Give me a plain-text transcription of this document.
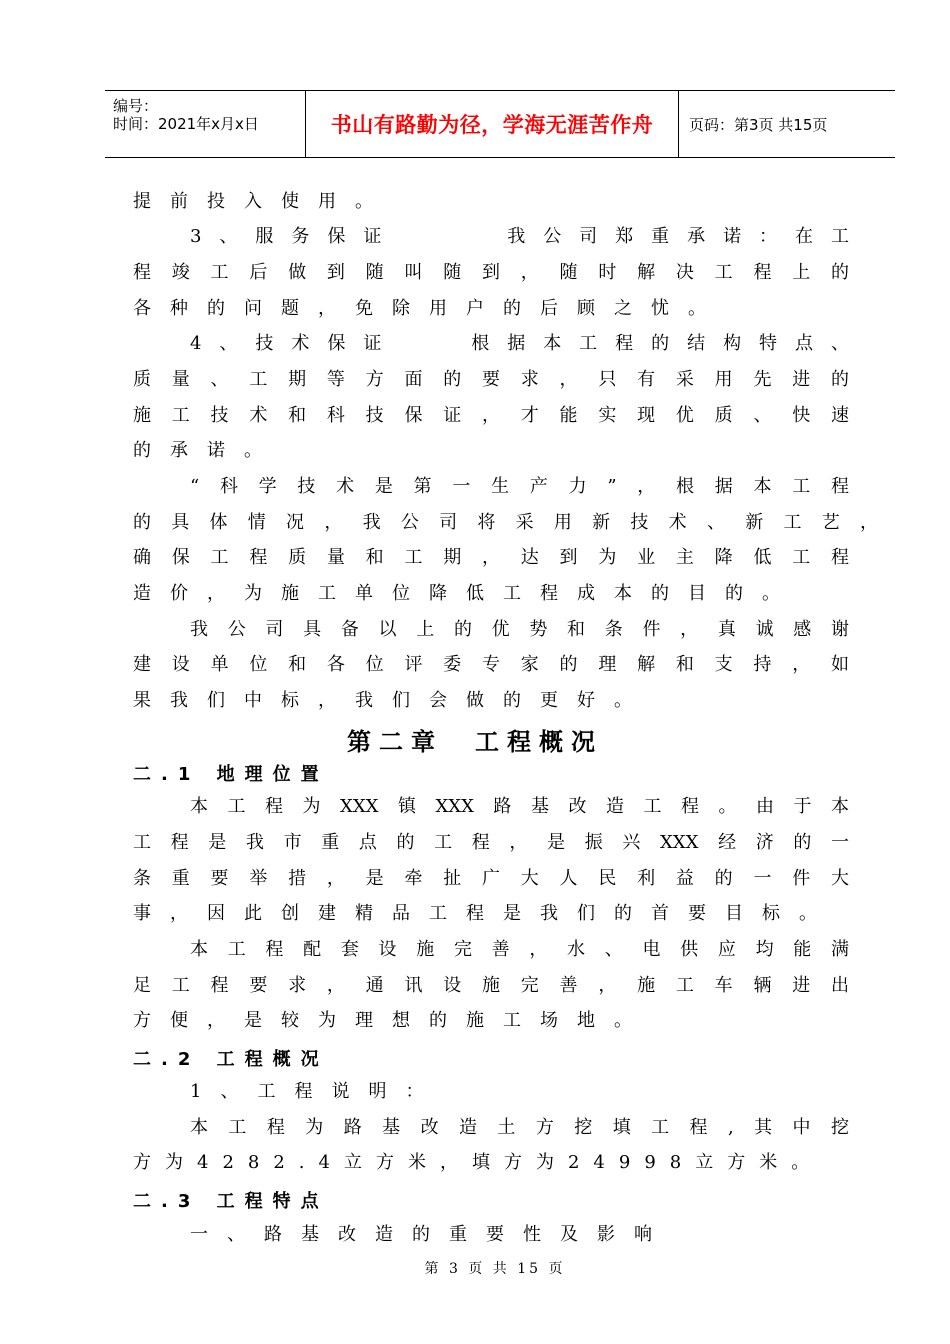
编号：
时间：2021年x月x日	书山有路勤为径，学海无涯苦作舟 页码：第3页 共15页
提前投入使用。
3、服务保证　　　我公司郑重承诺：在工
程竣工后做到随叫随到，随时解决工程上的
各种的问题，免除用户的后顾之忧。
4、技术保证　　根据本工程的结构特点、
质量、工期等方面的要求，只有采用先进的
施工技术和科技保证，才能实现优质、快速
的承诺。
“科学技术是第一生产力”，根据本工程
的具体情况，我公司将采用新技术、新工艺，
确保工程质量和工期，达到为业主降低工程
造价，为施工单位降低工程成本的目的。
我公司具备以上的优势和条件，真诚感谢
建设单位和各位评委专家的理解和支持，如
果我们中标，我们会做的更好。
第二章　工程概况
二.1 地理位置
本工程为XXX镇XXX路基改造工程。由于本
工程是我市重点的工程，是振兴XXX经济的一
条重要举措，是牵扯广大人民利益的一件大
事，因此创建精品工程是我们的首要目标。
本工程配套设施完善，水、电供应均能满
足工程要求，通讯设施完善，施工车辆进出
方便，是较为理想的施工场地。
二.2 工程概况
1、工程说明：
本工程为路基改造土方挖填工程,其中挖
方为4282.4立方米，填方为24998立方米。
二.3 工程特点
一、路基改造的重要性及影响
第 3 页 共 15 页
